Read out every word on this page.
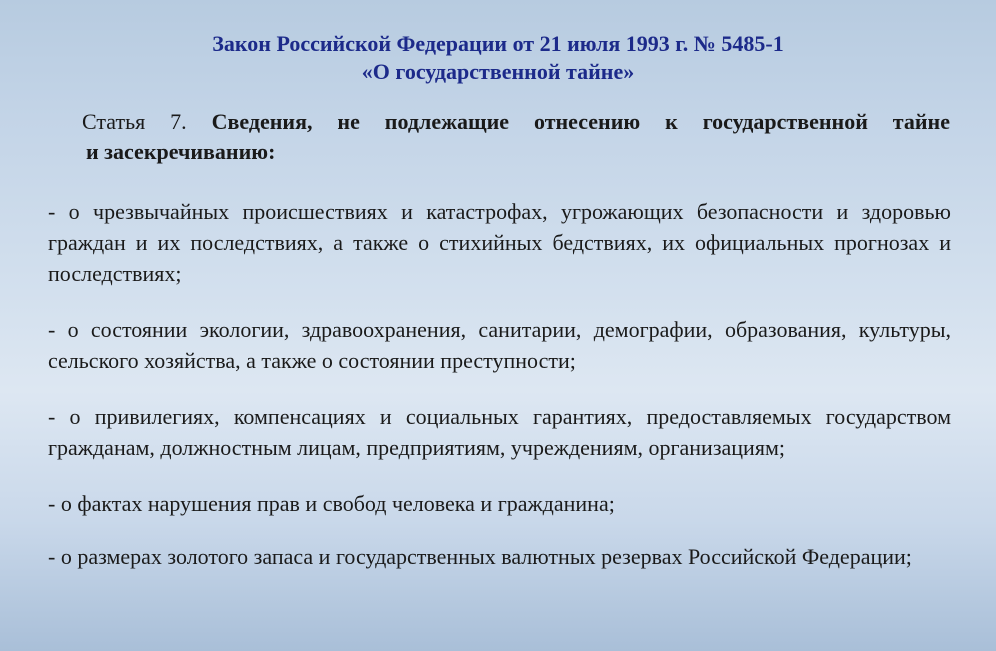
Закон Российской Федерации от 21 июля 1993 г. № 5485-1
«О государственной тайне»
Статья 7. Сведения, не подлежащие отнесению к государственной тайне
и засекречиванию:

- о чрезвычайных происшествиях и катастрофах, угрожающих безопасности и здоровью граждан и их последствиях, а также о стихийных бедствиях, их официальных прогнозах и последствиях;

- о состоянии экологии, здравоохранения, санитарии, демографии, образования, культуры, сельского хозяйства, а также о состоянии преступности;

- о привилегиях, компенсациях и социальных гарантиях, предоставляемых государством гражданам, должностным лицам, предприятиям, учреждениям, организациям;

- о фактах нарушения прав и свобод человека и гражданина;

- о размерах золотого запаса и государственных валютных резервах Российской Федерации;
